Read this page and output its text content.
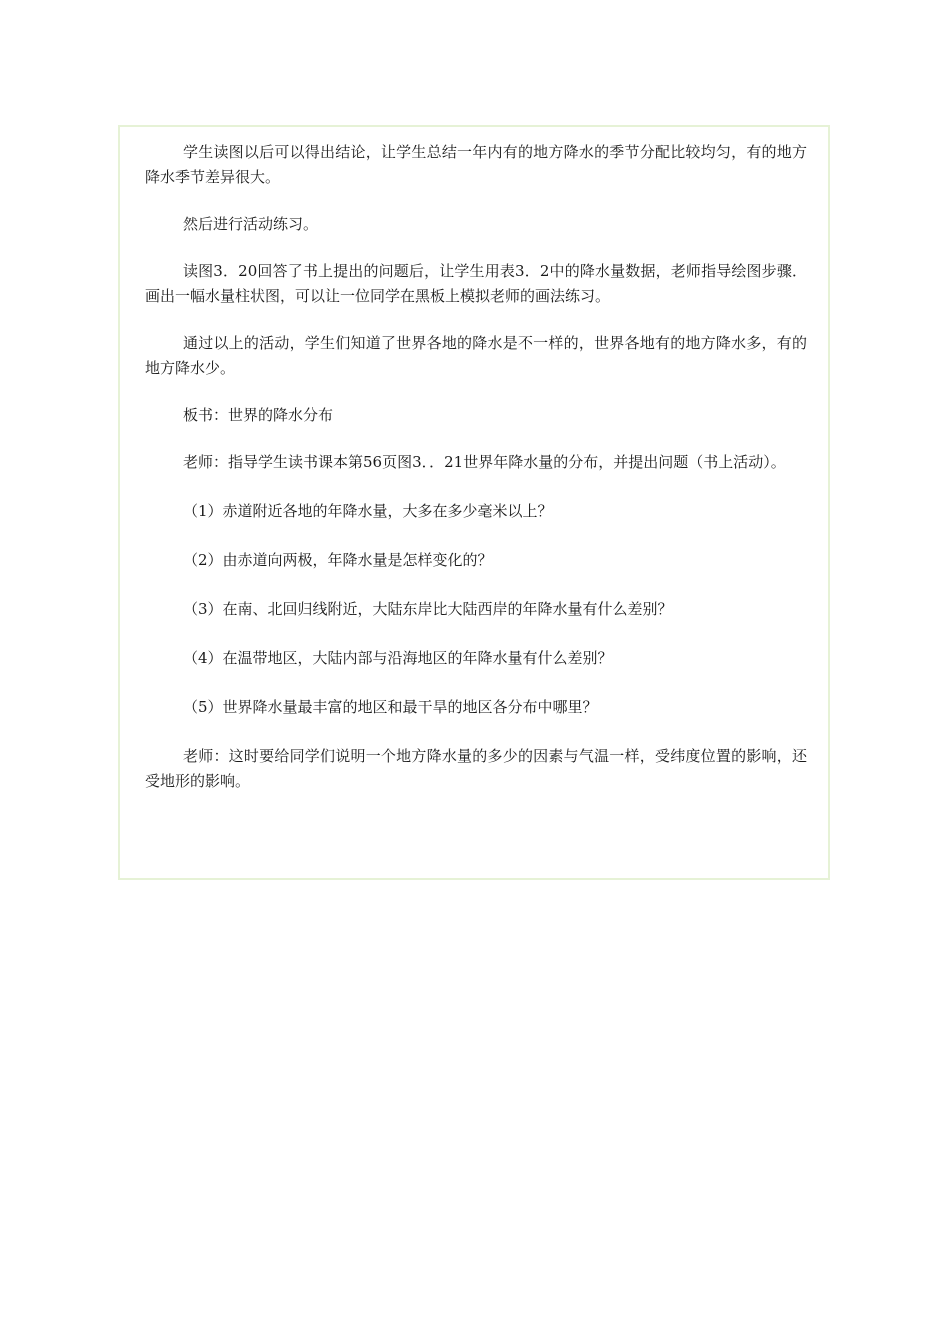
学生读图以后可以得出结论，让学生总结一年内有的地方降水的季节分配比较均匀，有的地方降水季节差异很大。

然后进行活动练习。

读图3．20回答了书上提出的问题后，让学生用表3．2中的降水量数据，老师指导绘图步骤．画出一幅水量柱状图，可以让一位同学在黑板上模拟老师的画法练习。

通过以上的活动，学生们知道了世界各地的降水是不一样的，世界各地有的地方降水多，有的地方降水少。

板书：世界的降水分布

老师：指导学生读书课本第56页图3．．21世界年降水量的分布，并提出问题（书上活动）。

（1）赤道附近各地的年降水量，大多在多少毫米以上？

（2）由赤道向两极，年降水量是怎样变化的？

（3）在南、北回归线附近，大陆东岸比大陆西岸的年降水量有什么差别？

（4）在温带地区，大陆内部与沿海地区的年降水量有什么差别？

（5）世界降水量最丰富的地区和最干旱的地区各分布中哪里？

老师：这时要给同学们说明一个地方降水量的多少的因素与气温一样，受纬度位置的影响，还受地形的影响。
